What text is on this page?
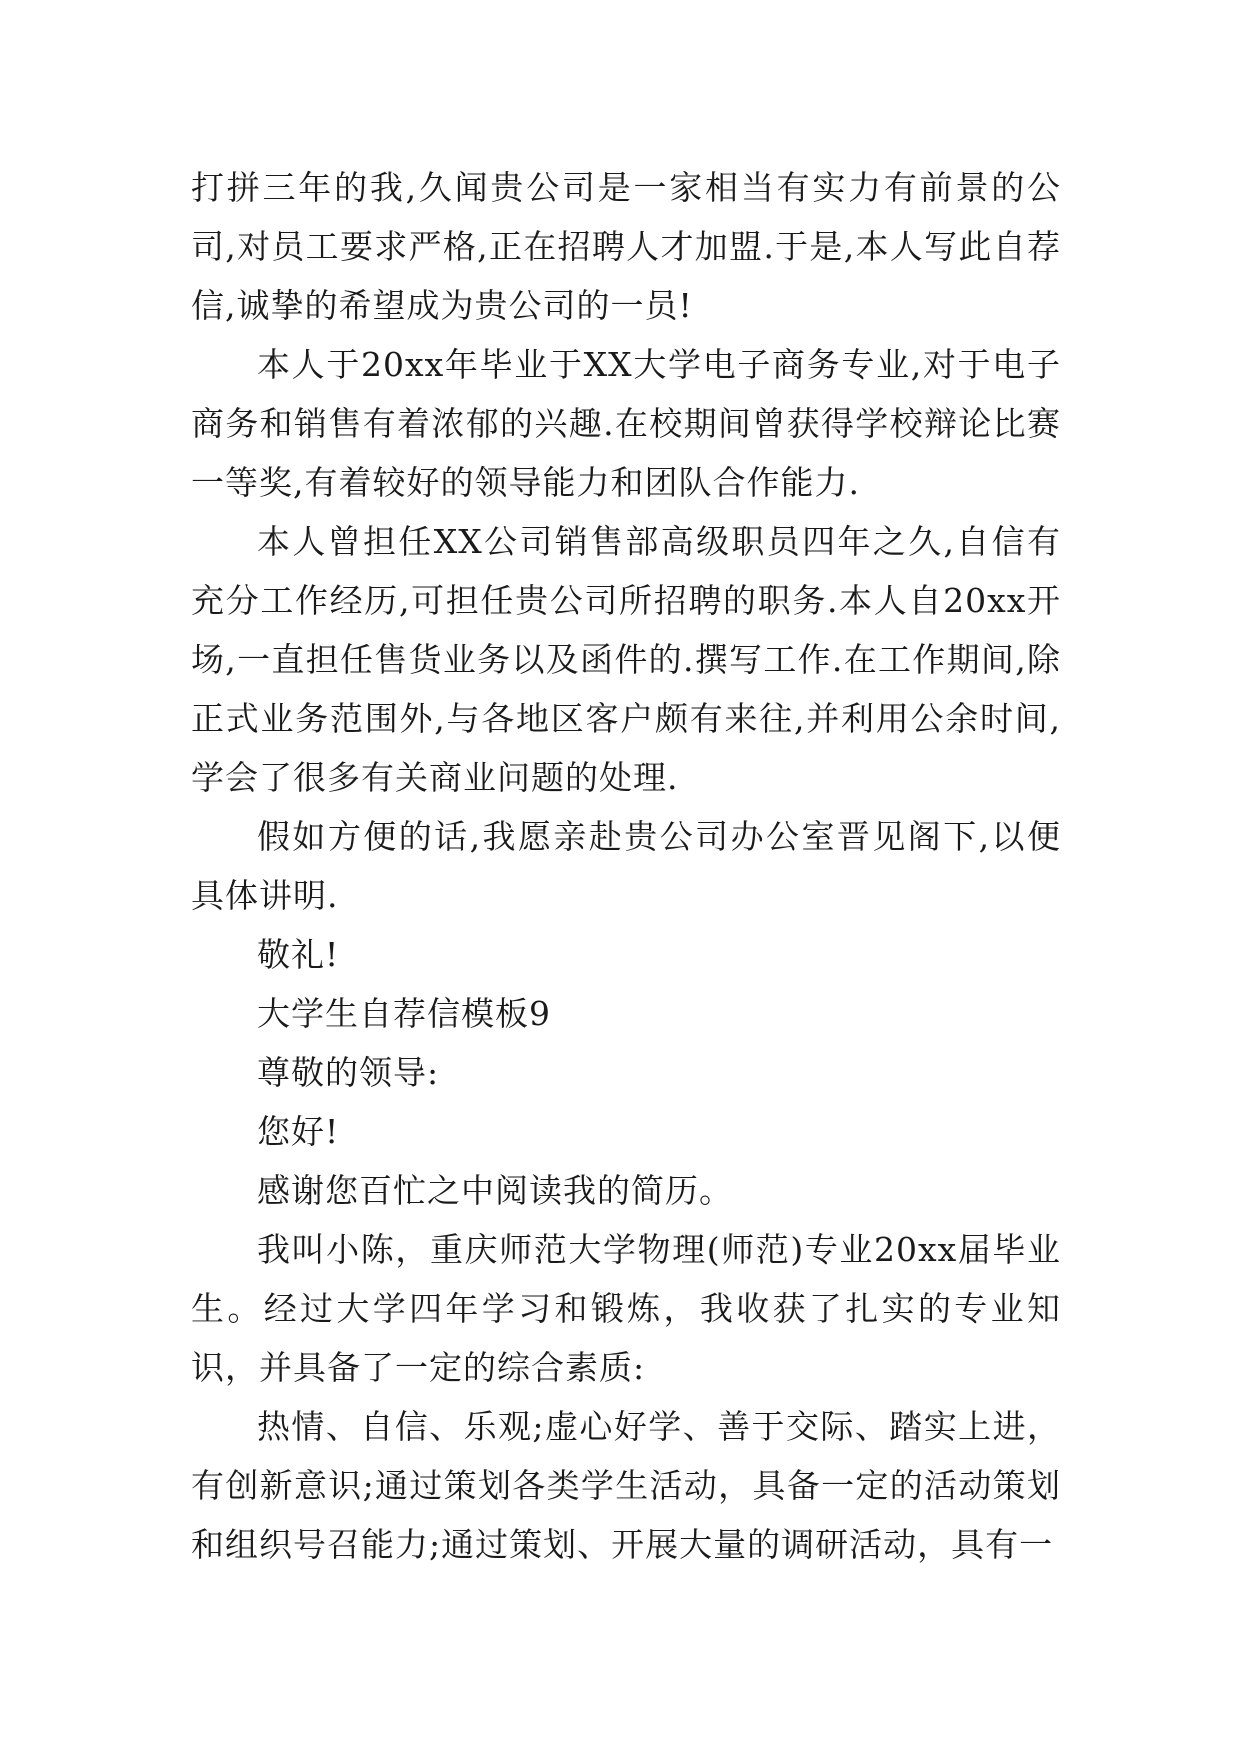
打拼三年的我,久闻贵公司是一家相当有实力有前景的公司,对员工要求严格,正在招聘人才加盟.于是,本人写此自荐信,诚挚的希望成为贵公司的一员!

本人于20xx年毕业于XX大学电子商务专业,对于电子商务和销售有着浓郁的兴趣.在校期间曾获得学校辩论比赛一等奖,有着较好的领导能力和团队合作能力.

本人曾担任XX公司销售部高级职员四年之久,自信有充分工作经历,可担任贵公司所招聘的职务.本人自20xx开场,一直担任售货业务以及函件的.撰写工作.在工作期间,除正式业务范围外,与各地区客户颇有来往,并利用公余时间,学会了很多有关商业问题的处理.

假如方便的话,我愿亲赴贵公司办公室晋见阁下,以便具体讲明.

敬礼!

大学生自荐信模板9

尊敬的领导:

您好!

感谢您百忙之中阅读我的简历。

我叫小陈，重庆师范大学物理(师范)专业20xx届毕业生。经过大学四年学习和锻炼，我收获了扎实的专业知识，并具备了一定的综合素质:

热情、自信、乐观;虚心好学、善于交际、踏实上进，有创新意识;通过策划各类学生活动，具备一定的活动策划和组织号召能力;通过策划、开展大量的调研活动，具有一
